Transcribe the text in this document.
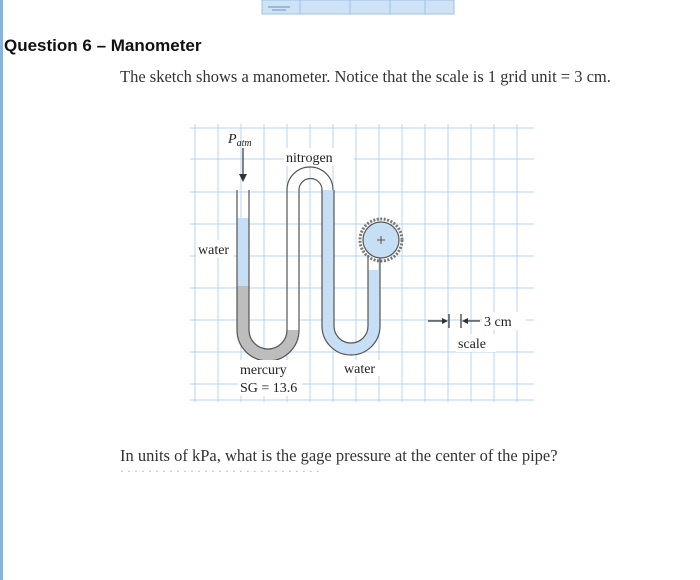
Question 6 – Manometer
The sketch shows a manometer. Notice that the scale is 1 grid unit = 3 cm.
$P_{atm}$
nitrogen
water
mercury
SG = 13.6
water
3 cm
scale
In units of kPa, what is the gage pressure at the center of the pipe?
· · · · · · · · · · · · · · · · · · · · · · · · · · · · ·
